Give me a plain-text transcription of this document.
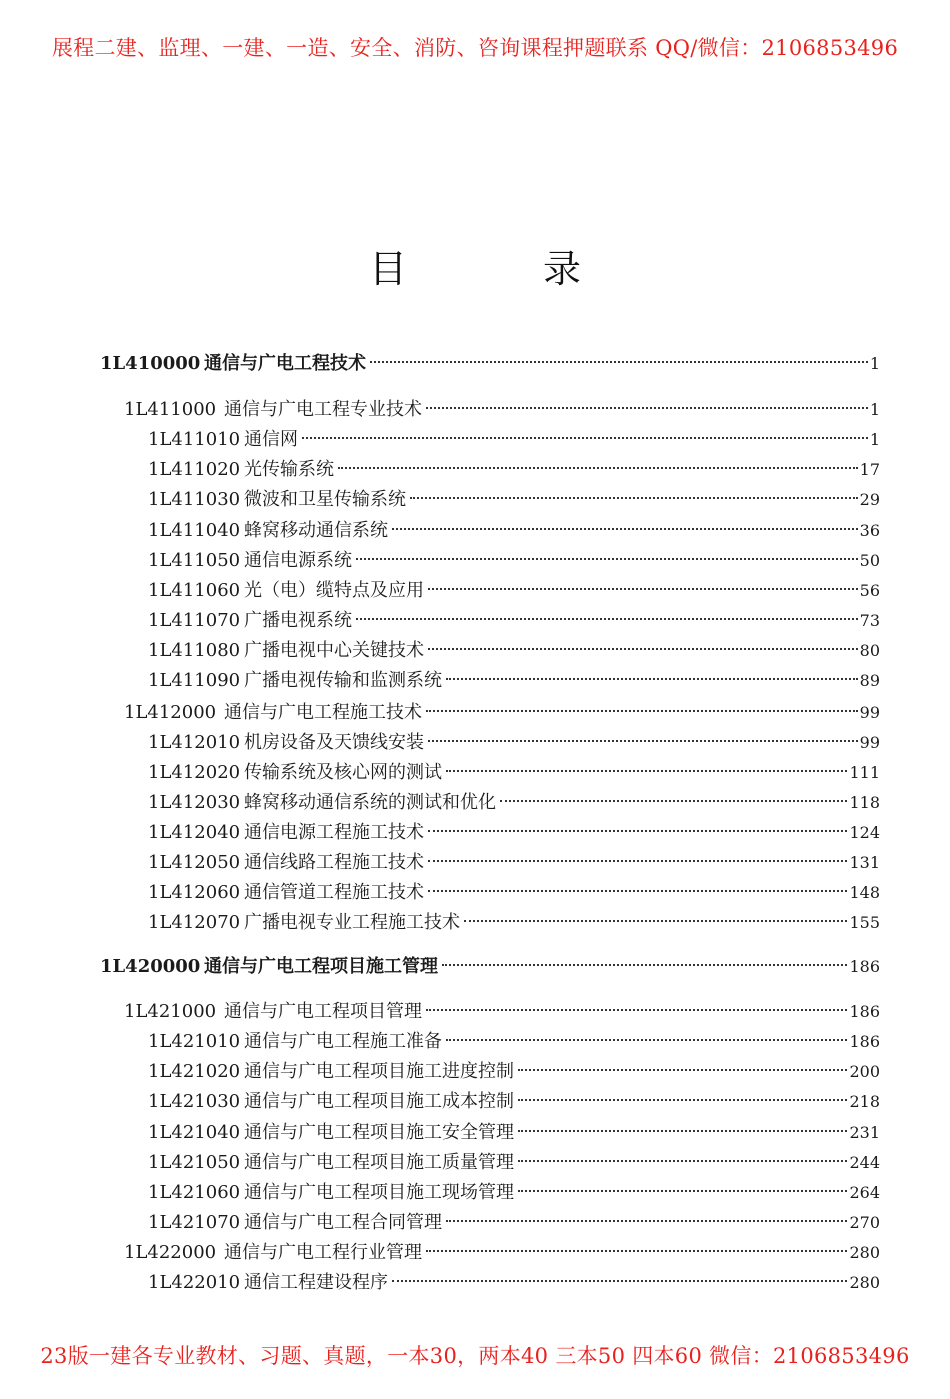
展程二建、监理、一建、一造、安全、消防、咨询课程押题联系 QQ/微信：2106853496
目 录
1L410000 通信与广电工程技术	1
1L411000 通信与广电工程专业技术	1
1L411010 通信网	1
1L411020 光传输系统	17
1L411030 微波和卫星传输系统	29
1L411040 蜂窝移动通信系统	36
1L411050 通信电源系统	50
1L411060 光（电）缆特点及应用	56
1L411070 广播电视系统	73
1L411080 广播电视中心关键技术	80
1L411090 广播电视传输和监测系统	89
1L412000 通信与广电工程施工技术	99
1L412010 机房设备及天馈线安装	99
1L412020 传输系统及核心网的测试	111
1L412030 蜂窝移动通信系统的测试和优化	118
1L412040 通信电源工程施工技术	124
1L412050 通信线路工程施工技术	131
1L412060 通信管道工程施工技术	148
1L412070 广播电视专业工程施工技术	155
1L420000 通信与广电工程项目施工管理	186
1L421000 通信与广电工程项目管理	186
1L421010 通信与广电工程施工准备	186
1L421020 通信与广电工程项目施工进度控制	200
1L421030 通信与广电工程项目施工成本控制	218
1L421040 通信与广电工程项目施工安全管理	231
1L421050 通信与广电工程项目施工质量管理	244
1L421060 通信与广电工程项目施工现场管理	264
1L421070 通信与广电工程合同管理	270
1L422000 通信与广电工程行业管理	280
1L422010 通信工程建设程序	280
23版一建各专业教材、习题、真题，一本30，两本40 三本50 四本60 微信：2106853496
